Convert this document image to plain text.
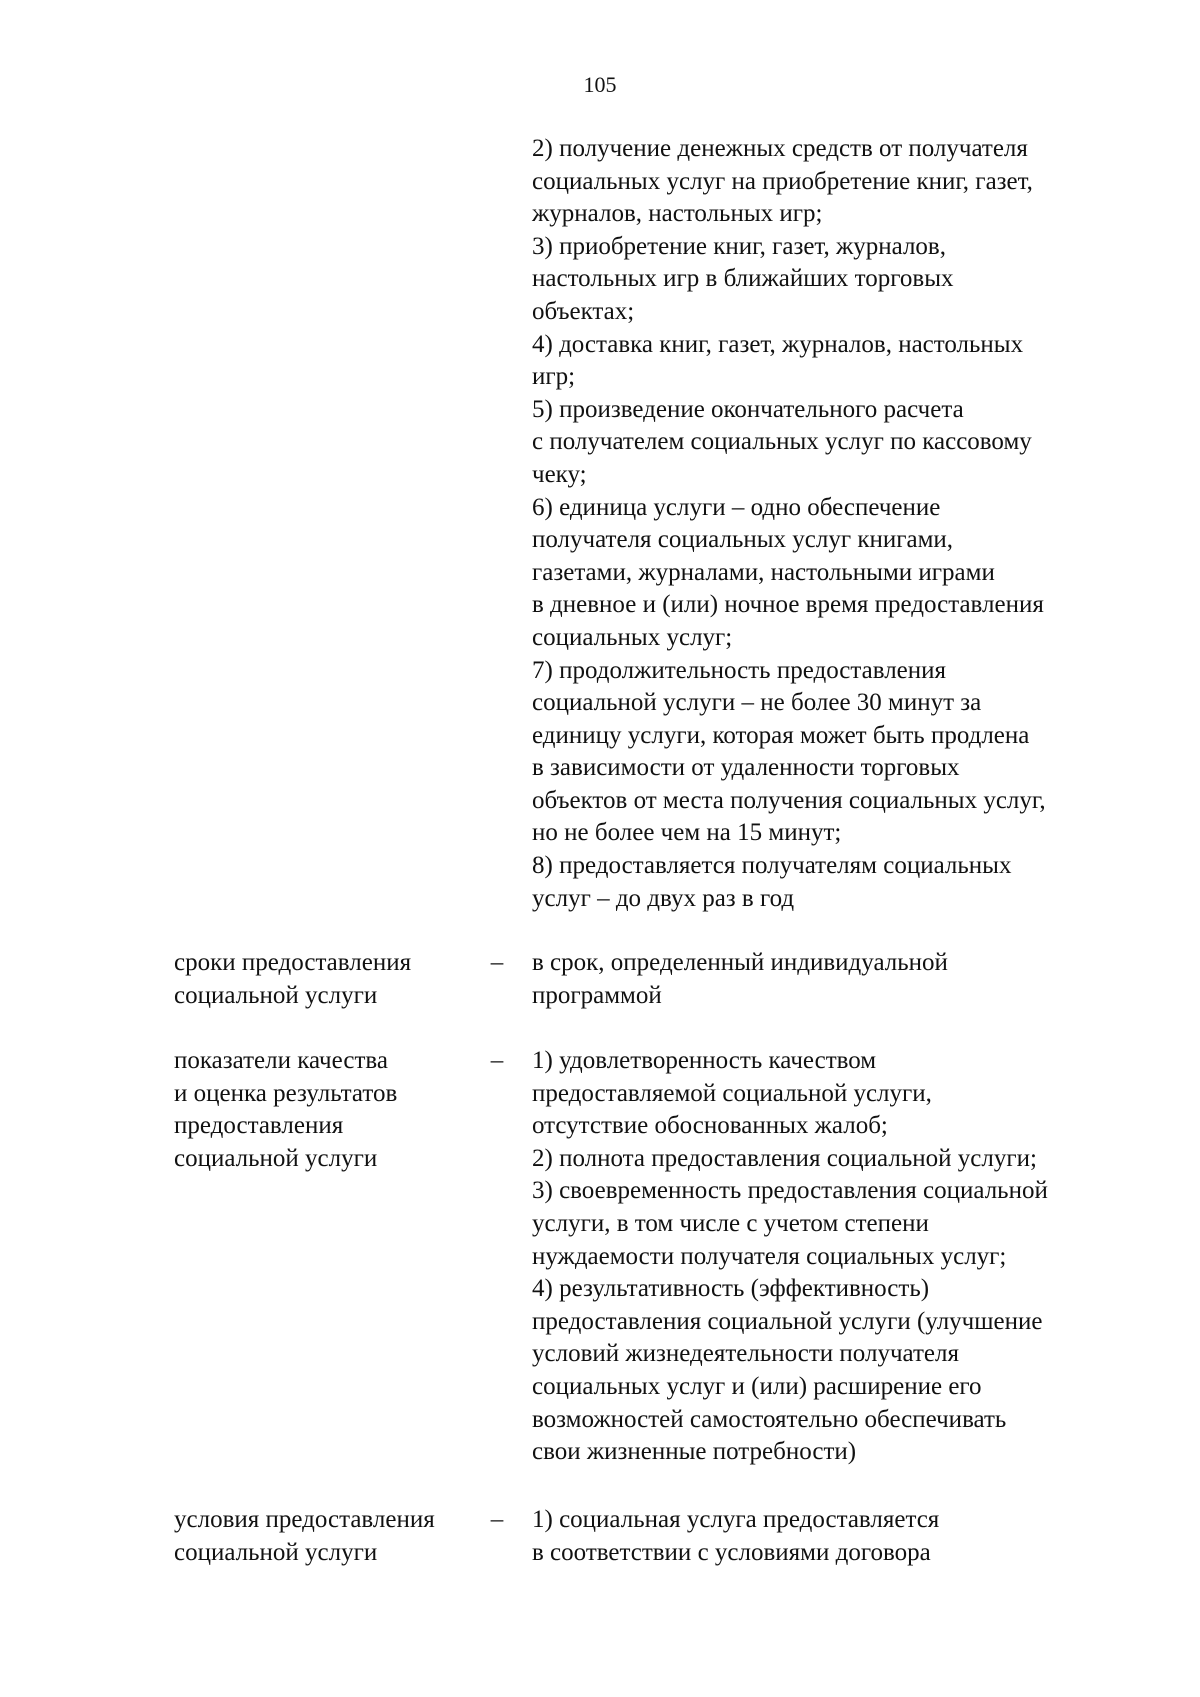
105
2) получение денежных средств от получателя
социальных услуг на приобретение книг, газет,
журналов, настольных игр;
3) приобретение книг, газет, журналов,
настольных игр в ближайших торговых
объектах;
4) доставка книг, газет, журналов, настольных
игр;
5) произведение окончательного расчета
с получателем социальных услуг по кассовому
чеку;
6) единица услуги – одно обеспечение
получателя социальных услуг книгами,
газетами, журналами, настольными играми
в дневное и (или) ночное время предоставления
социальных услуг;
7) продолжительность предоставления
социальной услуги – не более 30 минут за
единицу услуги, которая может быть продлена
в зависимости от удаленности торговых
объектов от места получения социальных услуг,
но не более чем на 15 минут;
8) предоставляется получателям социальных
услуг – до двух раз в год
сроки предоставления
социальной услуги
– в срок, определенный индивидуальной
программой
показатели качества
и оценка результатов
предоставления
социальной услуги
– 1) удовлетворенность качеством
предоставляемой социальной услуги,
отсутствие обоснованных жалоб;
2) полнота предоставления социальной услуги;
3) своевременность предоставления социальной
услуги, в том числе с учетом степени
нуждаемости получателя социальных услуг;
4) результативность (эффективность)
предоставления социальной услуги (улучшение
условий жизнедеятельности получателя
социальных услуг и (или) расширение его
возможностей самостоятельно обеспечивать
свои жизненные потребности)
условия предоставления
социальной услуги
– 1) социальная услуга предоставляется
в соответствии с условиями договора
